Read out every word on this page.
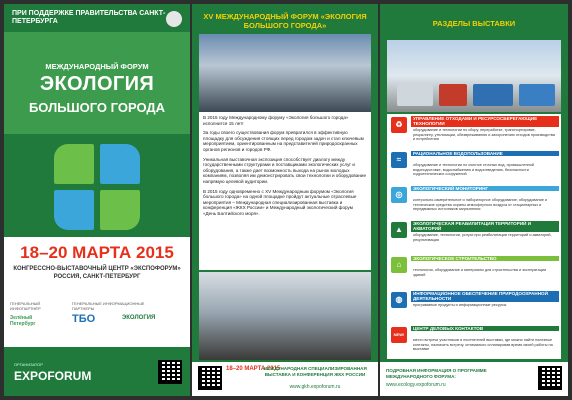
ПРИ ПОДДЕРЖКЕ ПРАВИТЕЛЬСТВА САНКТ-ПЕТЕРБУРГА
МЕЖДУНАРОДНЫЙ ФОРУМ
ЭКОЛОГИЯ
БОЛЬШОГО ГОРОДА
18–20 МАРТА 2015
КОНГРЕССНО-ВЫСТАВОЧНЫЙ ЦЕНТР «ЭКСПОФОРУМ»
РОССИЯ, САНКТ-ПЕТЕРБУРГ
ГЕНЕРАЛЬНЫЙ ИНФОПАРТНЁР
ГЕНЕРАЛЬНЫЕ ИНФОРМАЦИОННЫЕ ПАРТНЕРЫ
Зелёный Петербург	ТБО	ЭКОЛОГИЯ
ОРГАНИЗАТОР
EXPOFORUM
XV МЕЖДУНАРОДНЫЙ ФОРУМ «ЭКОЛОГИЯ БОЛЬШОГО ГОРОДА»

В 2015 году Международному форуму «Экология большого города» исполнится 15 лет!

За годы своего существования форум превратился в эффективную площадку для обсуждения стоящих перед городом задач и стал ключевым мероприятием, ориентированным на представителей природоохранных органов регионов и городов РФ.

Уникальная выставочная экспозиция способствует диалогу между государственными структурами и поставщиками экологических услуг и оборудования, а также дает возможность выхода на рынок молодых компаниям, позволяя им демонстрировать свои технологии и оборудование напрямую целевой аудитории.

В 2015 году одновременно с XV Международным форумом «Экология большого города» на одной площадке пройдут актуальные отраслевые мероприятия – Международная специализированная выставка и конференция «ЖКХ России» и Международный экологический форум «День Балтийского моря».

18–20 МАРТА 2015
МЕЖДУНАРОДНАЯ СПЕЦИАЛИЗИРОВАННАЯ ВЫСТАВКА И КОНФЕРЕНЦИЯ ЖКХ РОССИИ
www.gkh.expoforum.ru
РАЗДЕЛЫ ВЫСТАВКИ
♻
УПРАВЛЕНИЕ ОТХОДАМИ И РЕСУРСОСБЕРЕГАЮЩИЕ ТЕХНОЛОГИИ
оборудование и технологии по сбору, переработке, транспортировке, рециклингу, утилизации, обезвреживанию и захоронению отходов производства и потребления
≈
РАЦИОНАЛЬНОЕ ВОДОПОЛЬЗОВАНИЕ
оборудование и технологии по очистке сточных вод, промышленной водоподготовке, водоснабжению и водоотведению, безопасности гидротехнических сооружений
◎
ЭКОЛОГИЧЕСКИЙ МОНИТОРИНГ
контрольно-измерительное и лабораторное оборудование; оборудование и технические средства охраны атмосферного воздуха от стационарных и передвижных источников загрязнения
▲
ЭКОЛОГИЧЕСКАЯ РЕАБИЛИТАЦИЯ ТЕРРИТОРИЙ И АКВАТОРИЙ
оборудование, технологии, услуги при реабилитации территорий и акваторий, рекультивация
⌂
ЭКОЛОГИЧЕСКОЕ СТРОИТЕЛЬСТВО
технологии, оборудование и материалы для строительства и эксплуатации зданий
◍
ИНФОРМАЦИОННОЕ ОБЕСПЕЧЕНИЕ ПРИРОДООХРАННОЙ ДЕЯТЕЛЬНОСТИ
программные продукты и информационные ресурсы
NEW!
ЦЕНТР ДЕЛОВЫХ КОНТАКТОВ
место встречи участников и посетителей выставки, где можно найти полезные контакты, назначить встречу, оптимально спланировав время своей работы на выставке
ПОДРОБНАЯ ИНФОРМАЦИЯ О ПРОГРАММЕ МЕЖДУНАРОДНОГО ФОРУМА:
www.ecology.expoforum.ru
